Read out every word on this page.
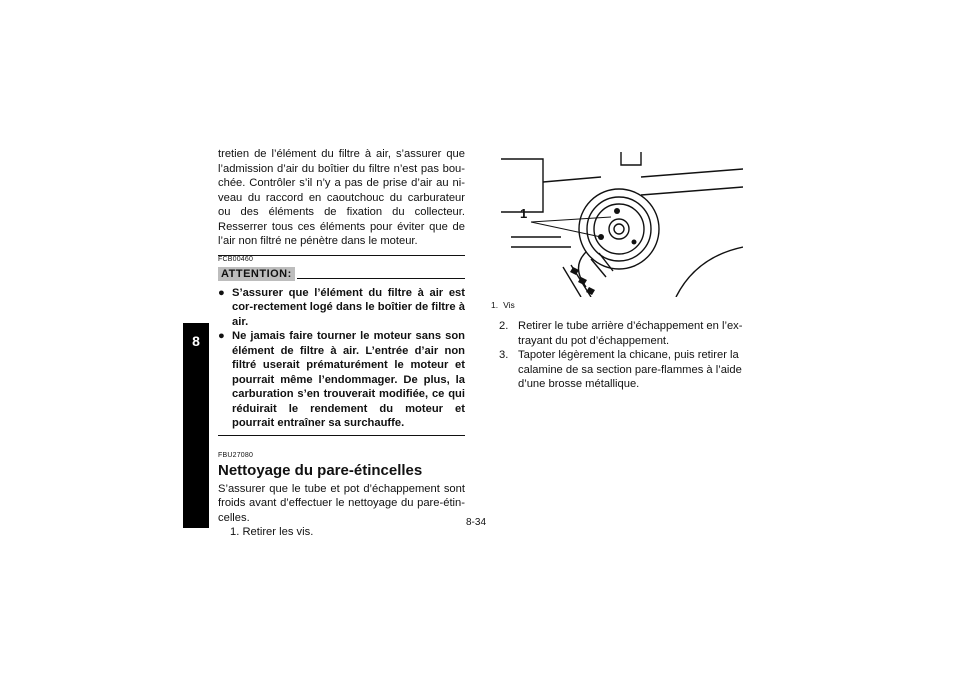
8

tretien de l’élément du filtre à air, s’assurer que l’admission d’air du boîtier du filtre n’est pas bou-chée. Contrôler s’il n’y a pas de prise d’air au ni-veau du raccord en caoutchouc du carburateur ou des éléments de fixation du collecteur. Resserrer tous ces éléments pour éviter que de l’air non filtré ne pénètre dans le moteur.

FCB00460

ATTENTION:
● S’assurer que l’élément du filtre à air est cor-rectement logé dans le boîtier de filtre à air.
● Ne jamais faire tourner le moteur sans son élément de filtre à air. L’entrée d’air non filtré userait prématurément le moteur et pourrait même l’endommager. De plus, la carburation s’en trouverait modifiée, ce qui réduirait le rendement du moteur et pourrait entraîner sa surchauffe.

FBU27080

Nettoyage du pare-étincelles

S’assurer que le tube et pot d’échappement sont froids avant d’effectuer le nettoyage du pare-étin-celles.

1. Retirer les vis.

1
1. Vis
2. Retirer le tube arrière d’échappement en l’ex-trayant du pot d’échappement.
3. Tapoter légèrement la chicane, puis retirer la calamine de sa section pare-flammes à l’aide d’une brosse métallique.
8-34
